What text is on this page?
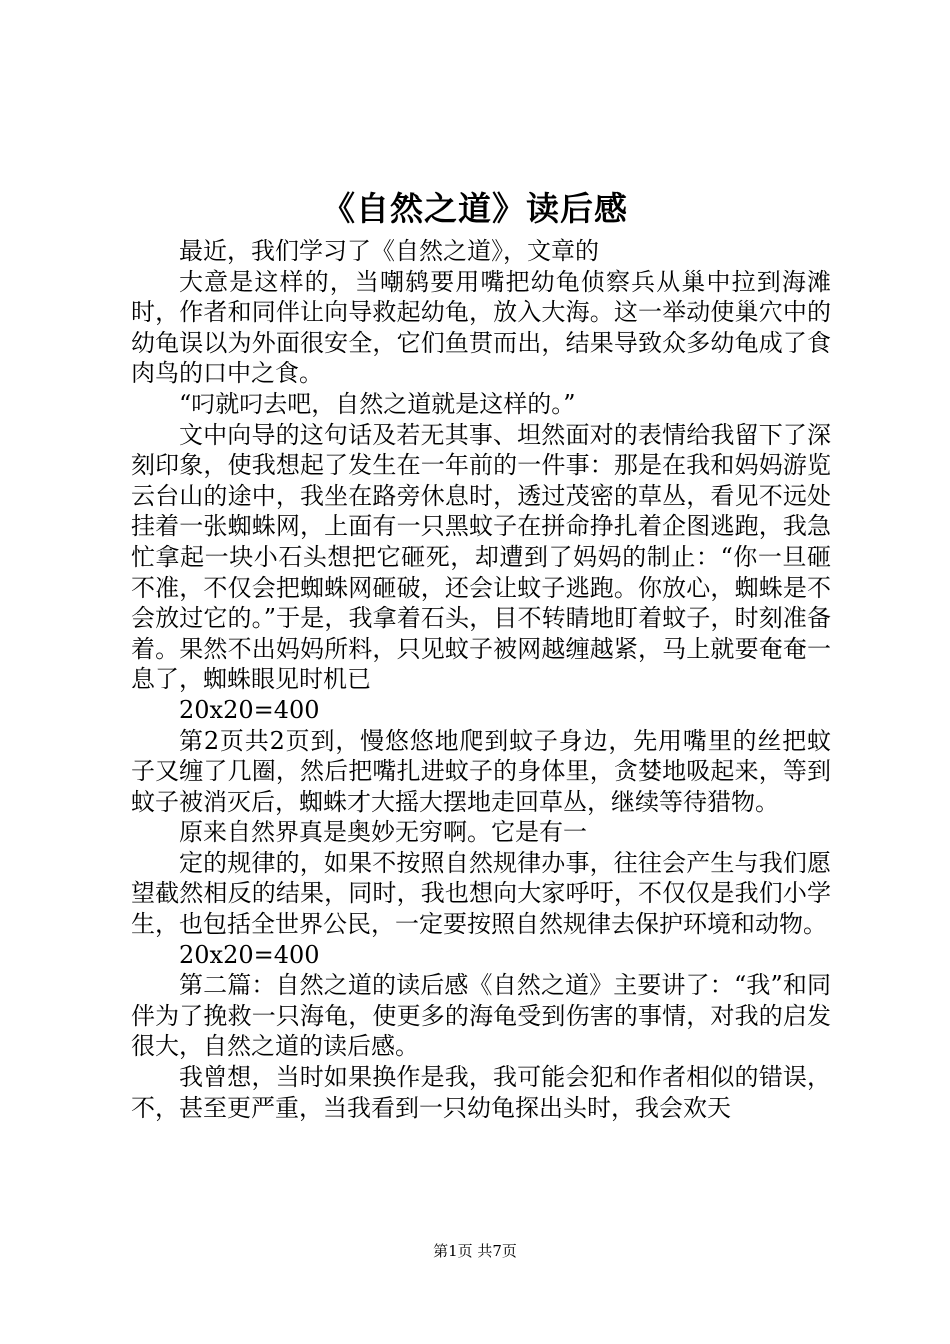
《自然之道》读后感

最近，我们学习了《自然之道》，文章的

大意是这样的，当嘲鸫要用嘴把幼龟侦察兵从巢中拉到海滩时，作者和同伴让向导救起幼龟，放入大海。这一举动使巢穴中的幼龟误以为外面很安全，它们鱼贯而出，结果导致众多幼龟成了食肉鸟的口中之食。

“叼就叼去吧，自然之道就是这样的。”

文中向导的这句话及若无其事、坦然面对的表情给我留下了深刻印象，使我想起了发生在一年前的一件事：那是在我和妈妈游览云台山的途中，我坐在路旁休息时，透过茂密的草丛，看见不远处挂着一张蜘蛛网，上面有一只黑蚊子在拼命挣扎着企图逃跑，我急忙拿起一块小石头想把它砸死，却遭到了妈妈的制止：“你一旦砸不准，不仅会把蜘蛛网砸破，还会让蚊子逃跑。你放心，蜘蛛是不会放过它的。”于是，我拿着石头，目不转睛地盯着蚊子，时刻准备着。果然不出妈妈所料，只见蚊子被网越缠越紧，马上就要奄奄一息了，蜘蛛眼见时机已

20x20=400

第2页共2页到，慢悠悠地爬到蚊子身边，先用嘴里的丝把蚊子又缠了几圈，然后把嘴扎进蚊子的身体里，贪婪地吸起来，等到蚊子被消灭后，蜘蛛才大摇大摆地走回草丛，继续等待猎物。

原来自然界真是奥妙无穷啊。它是有一

定的规律的，如果不按照自然规律办事，往往会产生与我们愿望截然相反的结果，同时，我也想向大家呼吁，不仅仅是我们小学生，也包括全世界公民，一定要按照自然规律去保护环境和动物。

20x20=400

第二篇：自然之道的读后感《自然之道》主要讲了：“我”和同伴为了挽救一只海龟，使更多的海龟受到伤害的事情，对我的启发很大，自然之道的读后感。

我曾想，当时如果换作是我，我可能会犯和作者相似的错误，不，甚至更严重，当我看到一只幼龟探出头时，我会欢天

第1页 共7页
